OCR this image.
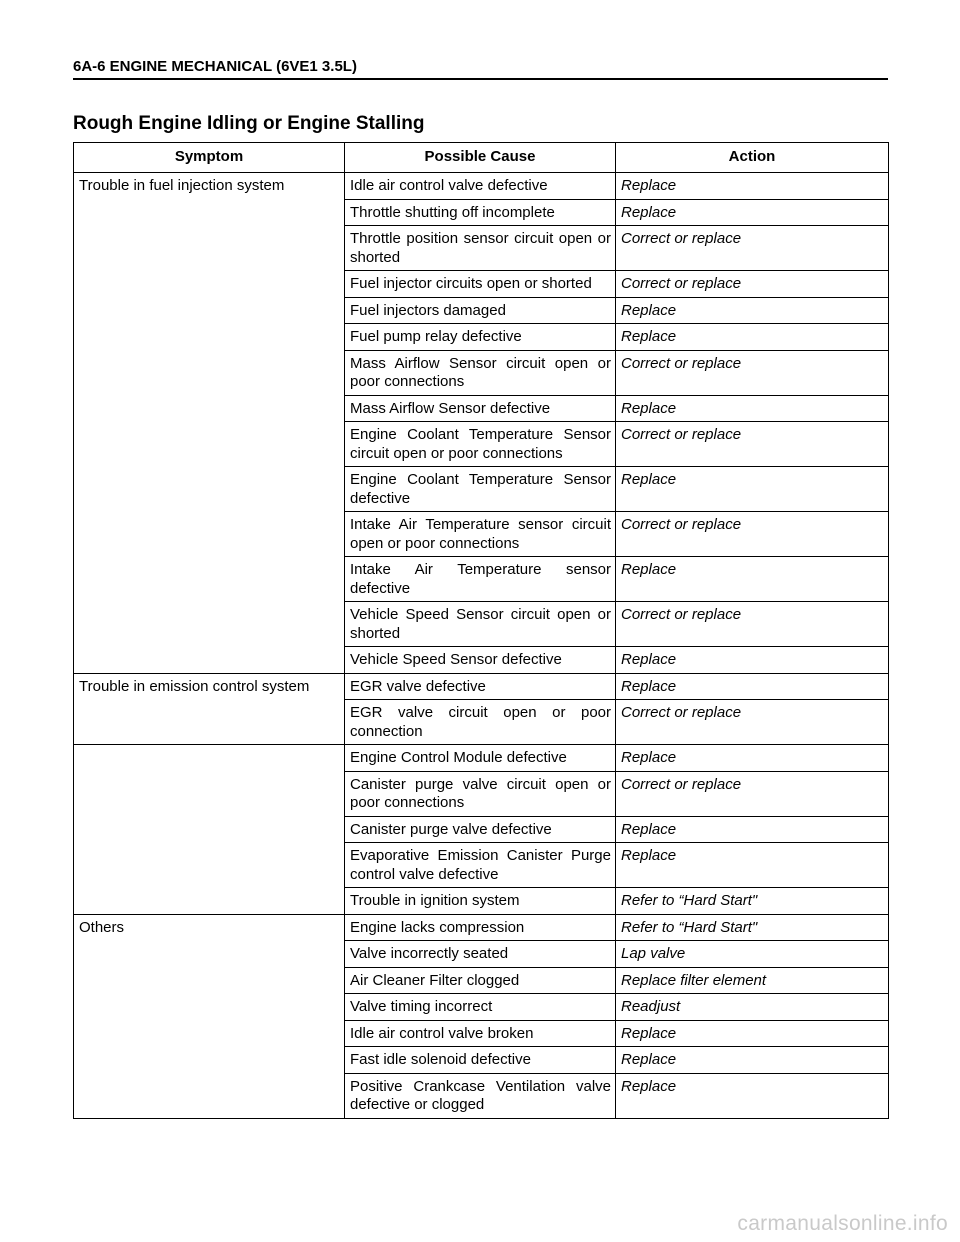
6A-6 ENGINE MECHANICAL (6VE1 3.5L)
Rough Engine Idling or Engine Stalling
Symptom	Possible Cause	Action
Trouble in fuel injection system	Idle air control valve defective	Replace
	Throttle shutting off incomplete	Replace
	Throttle position sensor circuit open or shorted	Correct or replace
	Fuel injector circuits open or shorted	Correct or replace
	Fuel injectors damaged	Replace
	Fuel pump relay defective	Replace
	Mass Airflow Sensor circuit open or poor connections	Correct or replace
	Mass Airflow Sensor defective	Replace
	Engine Coolant Temperature Sensor circuit open or poor connections	Correct or replace
	Engine Coolant Temperature Sensor defective	Replace
	Intake Air Temperature sensor circuit open or poor connections	Correct or replace
	Intake Air Temperature sensor defective	Replace
	Vehicle Speed Sensor circuit open or shorted	Correct or replace
	Vehicle Speed Sensor defective	Replace
Trouble in emission control system	EGR valve defective	Replace
	EGR valve circuit open or poor connection	Correct or replace
	Engine Control Module defective	Replace
	Canister purge valve circuit open or poor connections	Correct or replace
	Canister purge valve defective	Replace
	Evaporative Emission Canister Purge control valve defective	Replace
	Trouble in ignition system	Refer to “Hard Start"
Others	Engine lacks compression	Refer to “Hard Start"
	Valve incorrectly seated	Lap valve
	Air Cleaner Filter clogged	Replace filter element
	Valve timing incorrect	Readjust
	Idle air control valve broken	Replace
	Fast idle solenoid defective	Replace
	Positive Crankcase Ventilation valve defective or clogged	Replace
carmanualsonline.info
